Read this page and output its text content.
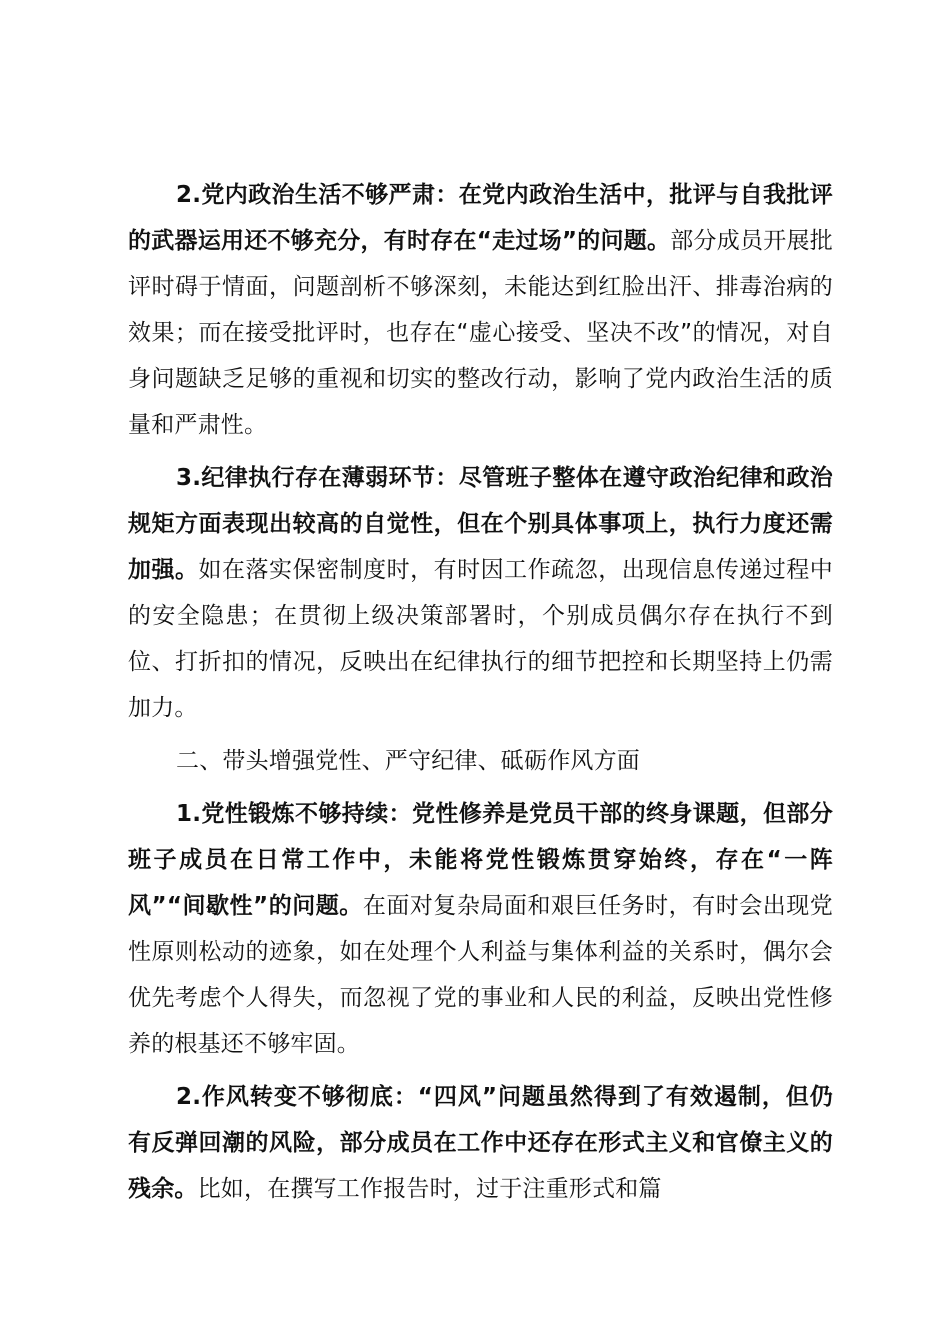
2.党内政治生活不够严肃：在党内政治生活中，批评与自我批评的武器运用还不够充分，有时存在“走过场”的问题。部分成员开展批评时碍于情面，问题剖析不够深刻，未能达到红脸出汗、排毒治病的效果；而在接受批评时，也存在“虚心接受、坚决不改”的情况，对自身问题缺乏足够的重视和切实的整改行动，影响了党内政治生活的质量和严肃性。

3.纪律执行存在薄弱环节：尽管班子整体在遵守政治纪律和政治规矩方面表现出较高的自觉性，但在个别具体事项上，执行力度还需加强。如在落实保密制度时，有时因工作疏忽，出现信息传递过程中的安全隐患；在贯彻上级决策部署时，个别成员偶尔存在执行不到位、打折扣的情况，反映出在纪律执行的细节把控和长期坚持上仍需加力。

二、带头增强党性、严守纪律、砥砺作风方面

1.党性锻炼不够持续：党性修养是党员干部的终身课题，但部分班子成员在日常工作中，未能将党性锻炼贯穿始终，存在“一阵风”“间歇性”的问题。在面对复杂局面和艰巨任务时，有时会出现党性原则松动的迹象，如在处理个人利益与集体利益的关系时，偶尔会优先考虑个人得失，而忽视了党的事业和人民的利益，反映出党性修养的根基还不够牢固。

2.作风转变不够彻底：“四风”问题虽然得到了有效遏制，但仍有反弹回潮的风险，部分成员在工作中还存在形式主义和官僚主义的残余。比如，在撰写工作报告时，过于注重形式和篇
